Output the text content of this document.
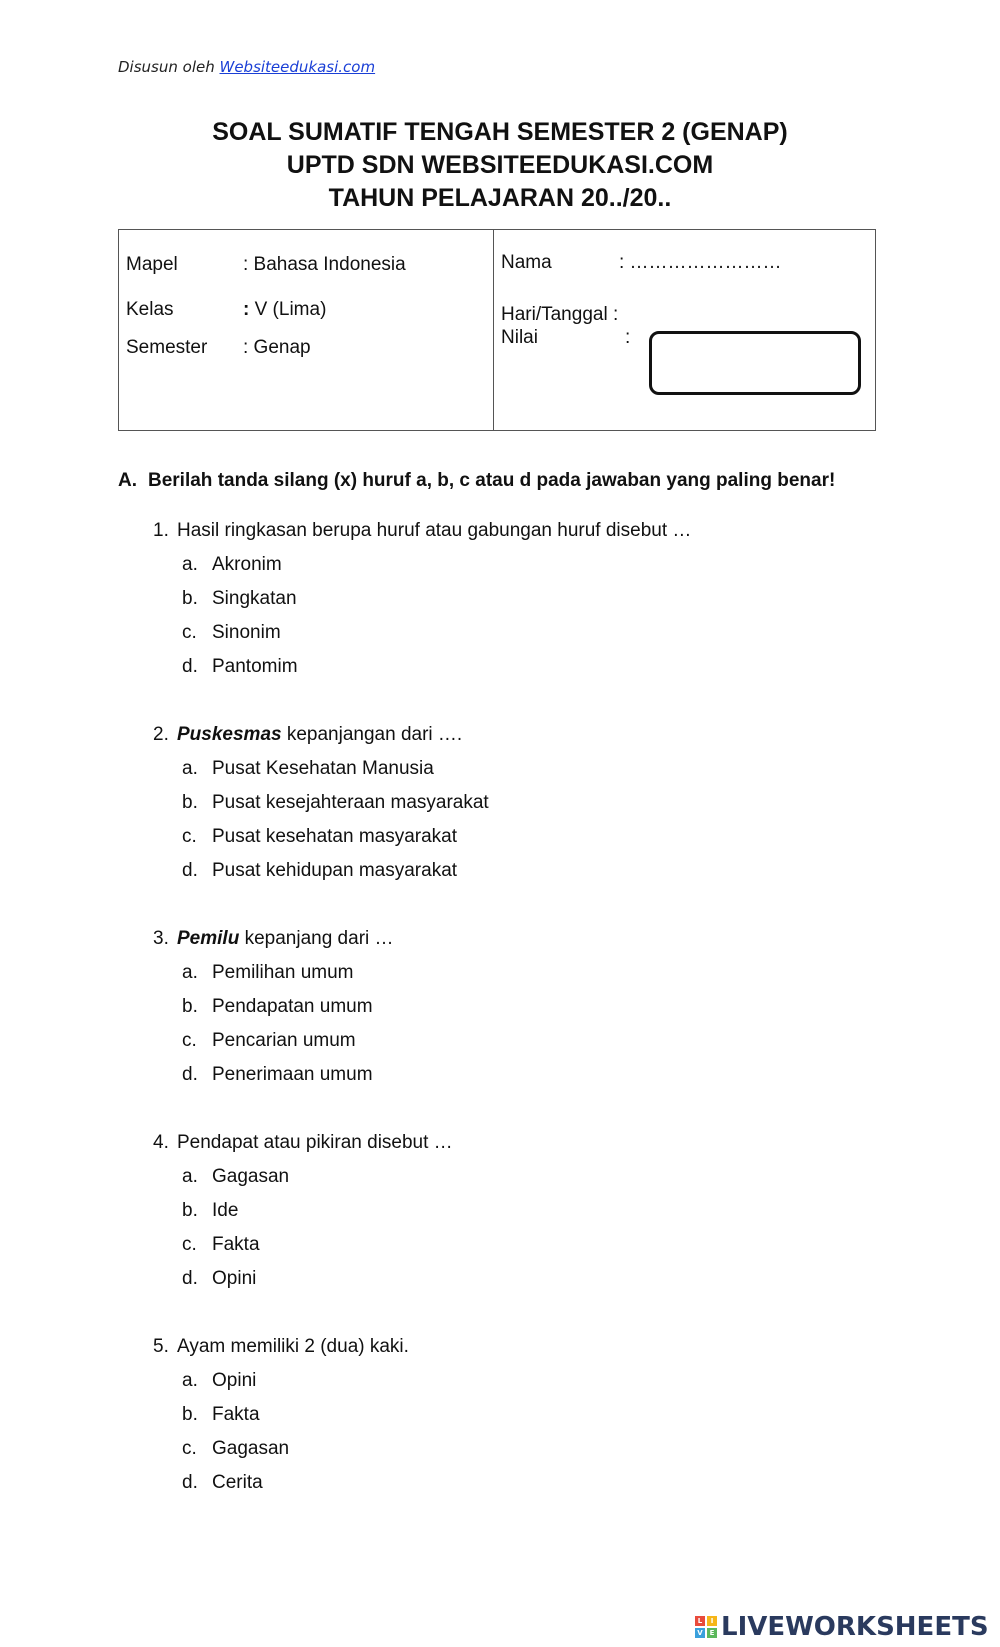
Disusun oleh Websiteedukasi.com
SOAL SUMATIF TENGAH SEMESTER 2 (GENAP)
UPTD SDN WEBSITEEDUKASI.COM
TAHUN PELAJARAN 20../20..
Mapel	: Bahasa Indonesia
Kelas	: V (Lima)
Semester : Genap
Nama	: ……………………
Hari/Tanggal :
Nilai	:
A. Berilah tanda silang (x) huruf a, b, c atau d pada jawaban yang paling benar!
1. Hasil ringkasan berupa huruf atau gabungan huruf disebut …
a. Akronim
b. Singkatan
c. Sinonim
d. Pantomim
2. Puskesmas kepanjangan dari ….
a. Pusat Kesehatan Manusia
b. Pusat kesejahteraan masyarakat
c. Pusat kesehatan masyarakat
d. Pusat kehidupan masyarakat
3. Pemilu kepanjang dari …
a. Pemilihan umum
b. Pendapatan umum
c. Pencarian umum
d. Penerimaan umum
4. Pendapat atau pikiran disebut …
a. Gagasan
b. Ide
c. Fakta
d. Opini
5. Ayam memiliki 2 (dua) kaki.
a. Opini
b. Fakta
c. Gagasan
d. Cerita
L	I
V E LIVEWORKSHEETS
